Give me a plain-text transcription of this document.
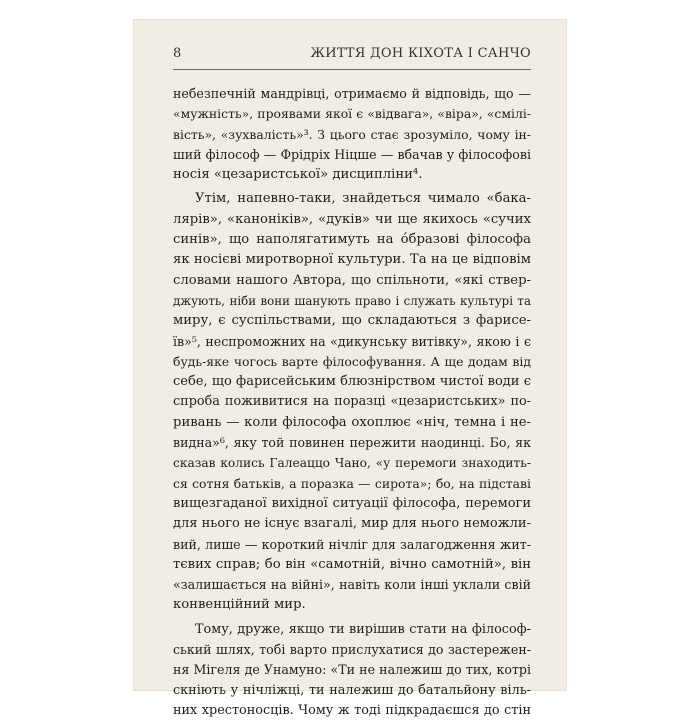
8	ЖИТТЯ ДОН КІХОТА І САНЧО
небезпечній мандрівці, отримаємо й відповідь, що —
«мужність», проявами якої є «відвага», «віра», «смілі-
вість», «зухвалість»³. З цього стає зрозуміло, чому ін-
ший філософ — Фрідріх Ніцше — вбачав у філософові
носія «цезаристської» дисципліни⁴.
Утім, напевно-таки, знайдеться чимало «бака-
лярів», «каноніків», «дуків» чи ще якихось «сучих
синів», що наполягатимуть на óбразові філософа
як носієві миротворної культури. Та на це відповім
словами нашого Автора, що спільноти, «які ствер-
джують, ніби вони шанують право і служать культурі та
миру, є суспільствами, що складаються з фарисе-
їв»⁵, неспроможних на «дикунську витівку», якою і є
будь-яке чогось варте філософування. А ще додам від
себе, що фарисейським блюзнірством чистої води є
спроба поживитися на поразці «цезаристських» по-
ривань — коли філософа охоплює «ніч, темна і не-
видна»⁶, яку той повинен пережити наодинці. Бо, як
сказав колись Галеаццо Чано, «у перемоги знаходить-
ся сотня батьків, а поразка — сирота»; бо, на підставі
вищезгаданої вихідної ситуації філософа, перемоги
для нього не існує взагалі, мир для нього неможли-
вий, лише — короткий нічліг для залагодження жит-
тєвих справ; бо він «самотній, вічно самотній», він
«залишається на війні», навіть коли інші уклали свій
конвенційний мир.
Тому, друже, якщо ти вирішив стати на філософ-
ський шлях, тобі варто прислухатися до застережен-
ня Мігеля де Унамуно: «Ти не належиш до тих, котрі
скніють у нічліжці, ти належиш до батальйону віль-
них хрестоносців. Чому ж тоді підкрадаєшся до стін
